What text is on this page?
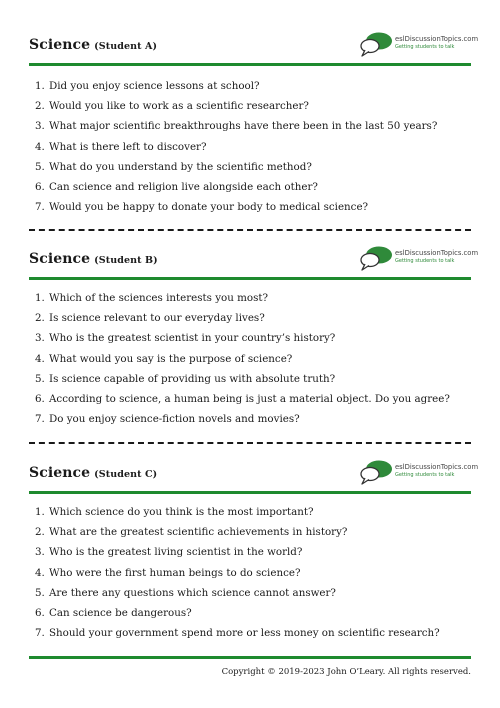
Science (Student A)
eslDiscussionTopics.com
Getting students to talk
1. Did you enjoy science lessons at school?
2. Would you like to work as a scientific researcher?
3. What major scientific breakthroughs have there been in the last 50 years?
4. What is there left to discover?
5. What do you understand by the scientific method?
6. Can science and religion live alongside each other?
7. Would you be happy to donate your body to medical science?
Science (Student B)
eslDiscussionTopics.com
Getting students to talk
1. Which of the sciences interests you most?
2. Is science relevant to our everyday lives?
3. Who is the greatest scientist in your country’s history?
4. What would you say is the purpose of science?
5. Is science capable of providing us with absolute truth?
6. According to science, a human being is just a material object. Do you agree?
7. Do you enjoy science-fiction novels and movies?
Science (Student C)
eslDiscussionTopics.com
Getting students to talk
1. Which science do you think is the most important?
2. What are the greatest scientific achievements in history?
3. Who is the greatest living scientist in the world?
4. Who were the first human beings to do science?
5. Are there any questions which science cannot answer?
6. Can science be dangerous?
7. Should your government spend more or less money on scientific research?
Copyright © 2019-2023 John O’Leary. All rights reserved.
